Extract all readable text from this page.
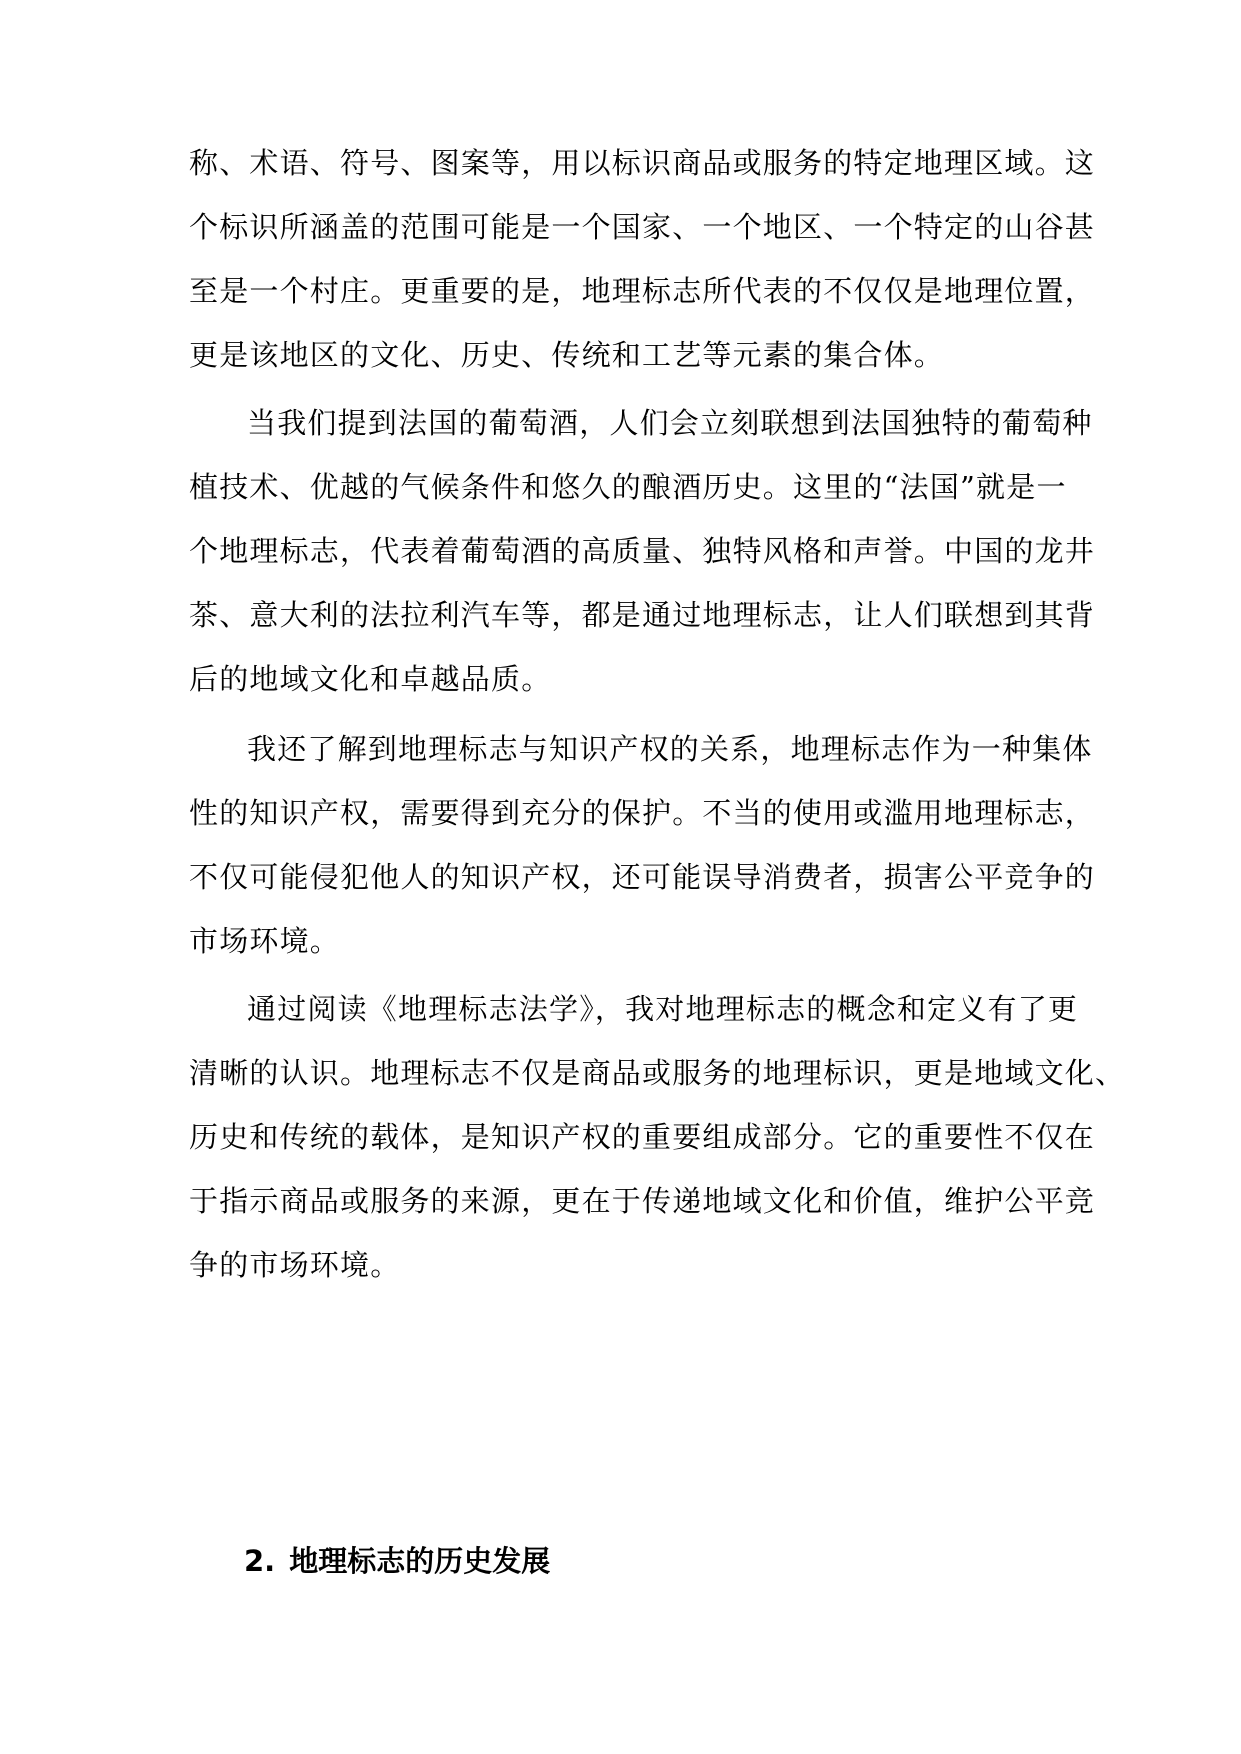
称、术语、符号、图案等，用以标识商品或服务的特定地理区域。这
个标识所涵盖的范围可能是一个国家、一个地区、一个特定的山谷甚
至是一个村庄。更重要的是，地理标志所代表的不仅仅是地理位置，
更是该地区的文化、历史、传统和工艺等元素的集合体。
当我们提到法国的葡萄酒，人们会立刻联想到法国独特的葡萄种
植技术、优越的气候条件和悠久的酿酒历史。这里的“法国”就是一
个地理标志，代表着葡萄酒的高质量、独特风格和声誉。中国的龙井
茶、意大利的法拉利汽车等，都是通过地理标志，让人们联想到其背
后的地域文化和卓越品质。
我还了解到地理标志与知识产权的关系，地理标志作为一种集体
性的知识产权，需要得到充分的保护。不当的使用或滥用地理标志，
不仅可能侵犯他人的知识产权，还可能误导消费者，损害公平竞争的
市场环境。
通过阅读《地理标志法学》，我对地理标志的概念和定义有了更
清晰的认识。地理标志不仅是商品或服务的地理标识，更是地域文化、
历史和传统的载体，是知识产权的重要组成部分。它的重要性不仅在
于指示商品或服务的来源，更在于传递地域文化和价值，维护公平竞
争的市场环境。
2. 地理标志的历史发展
